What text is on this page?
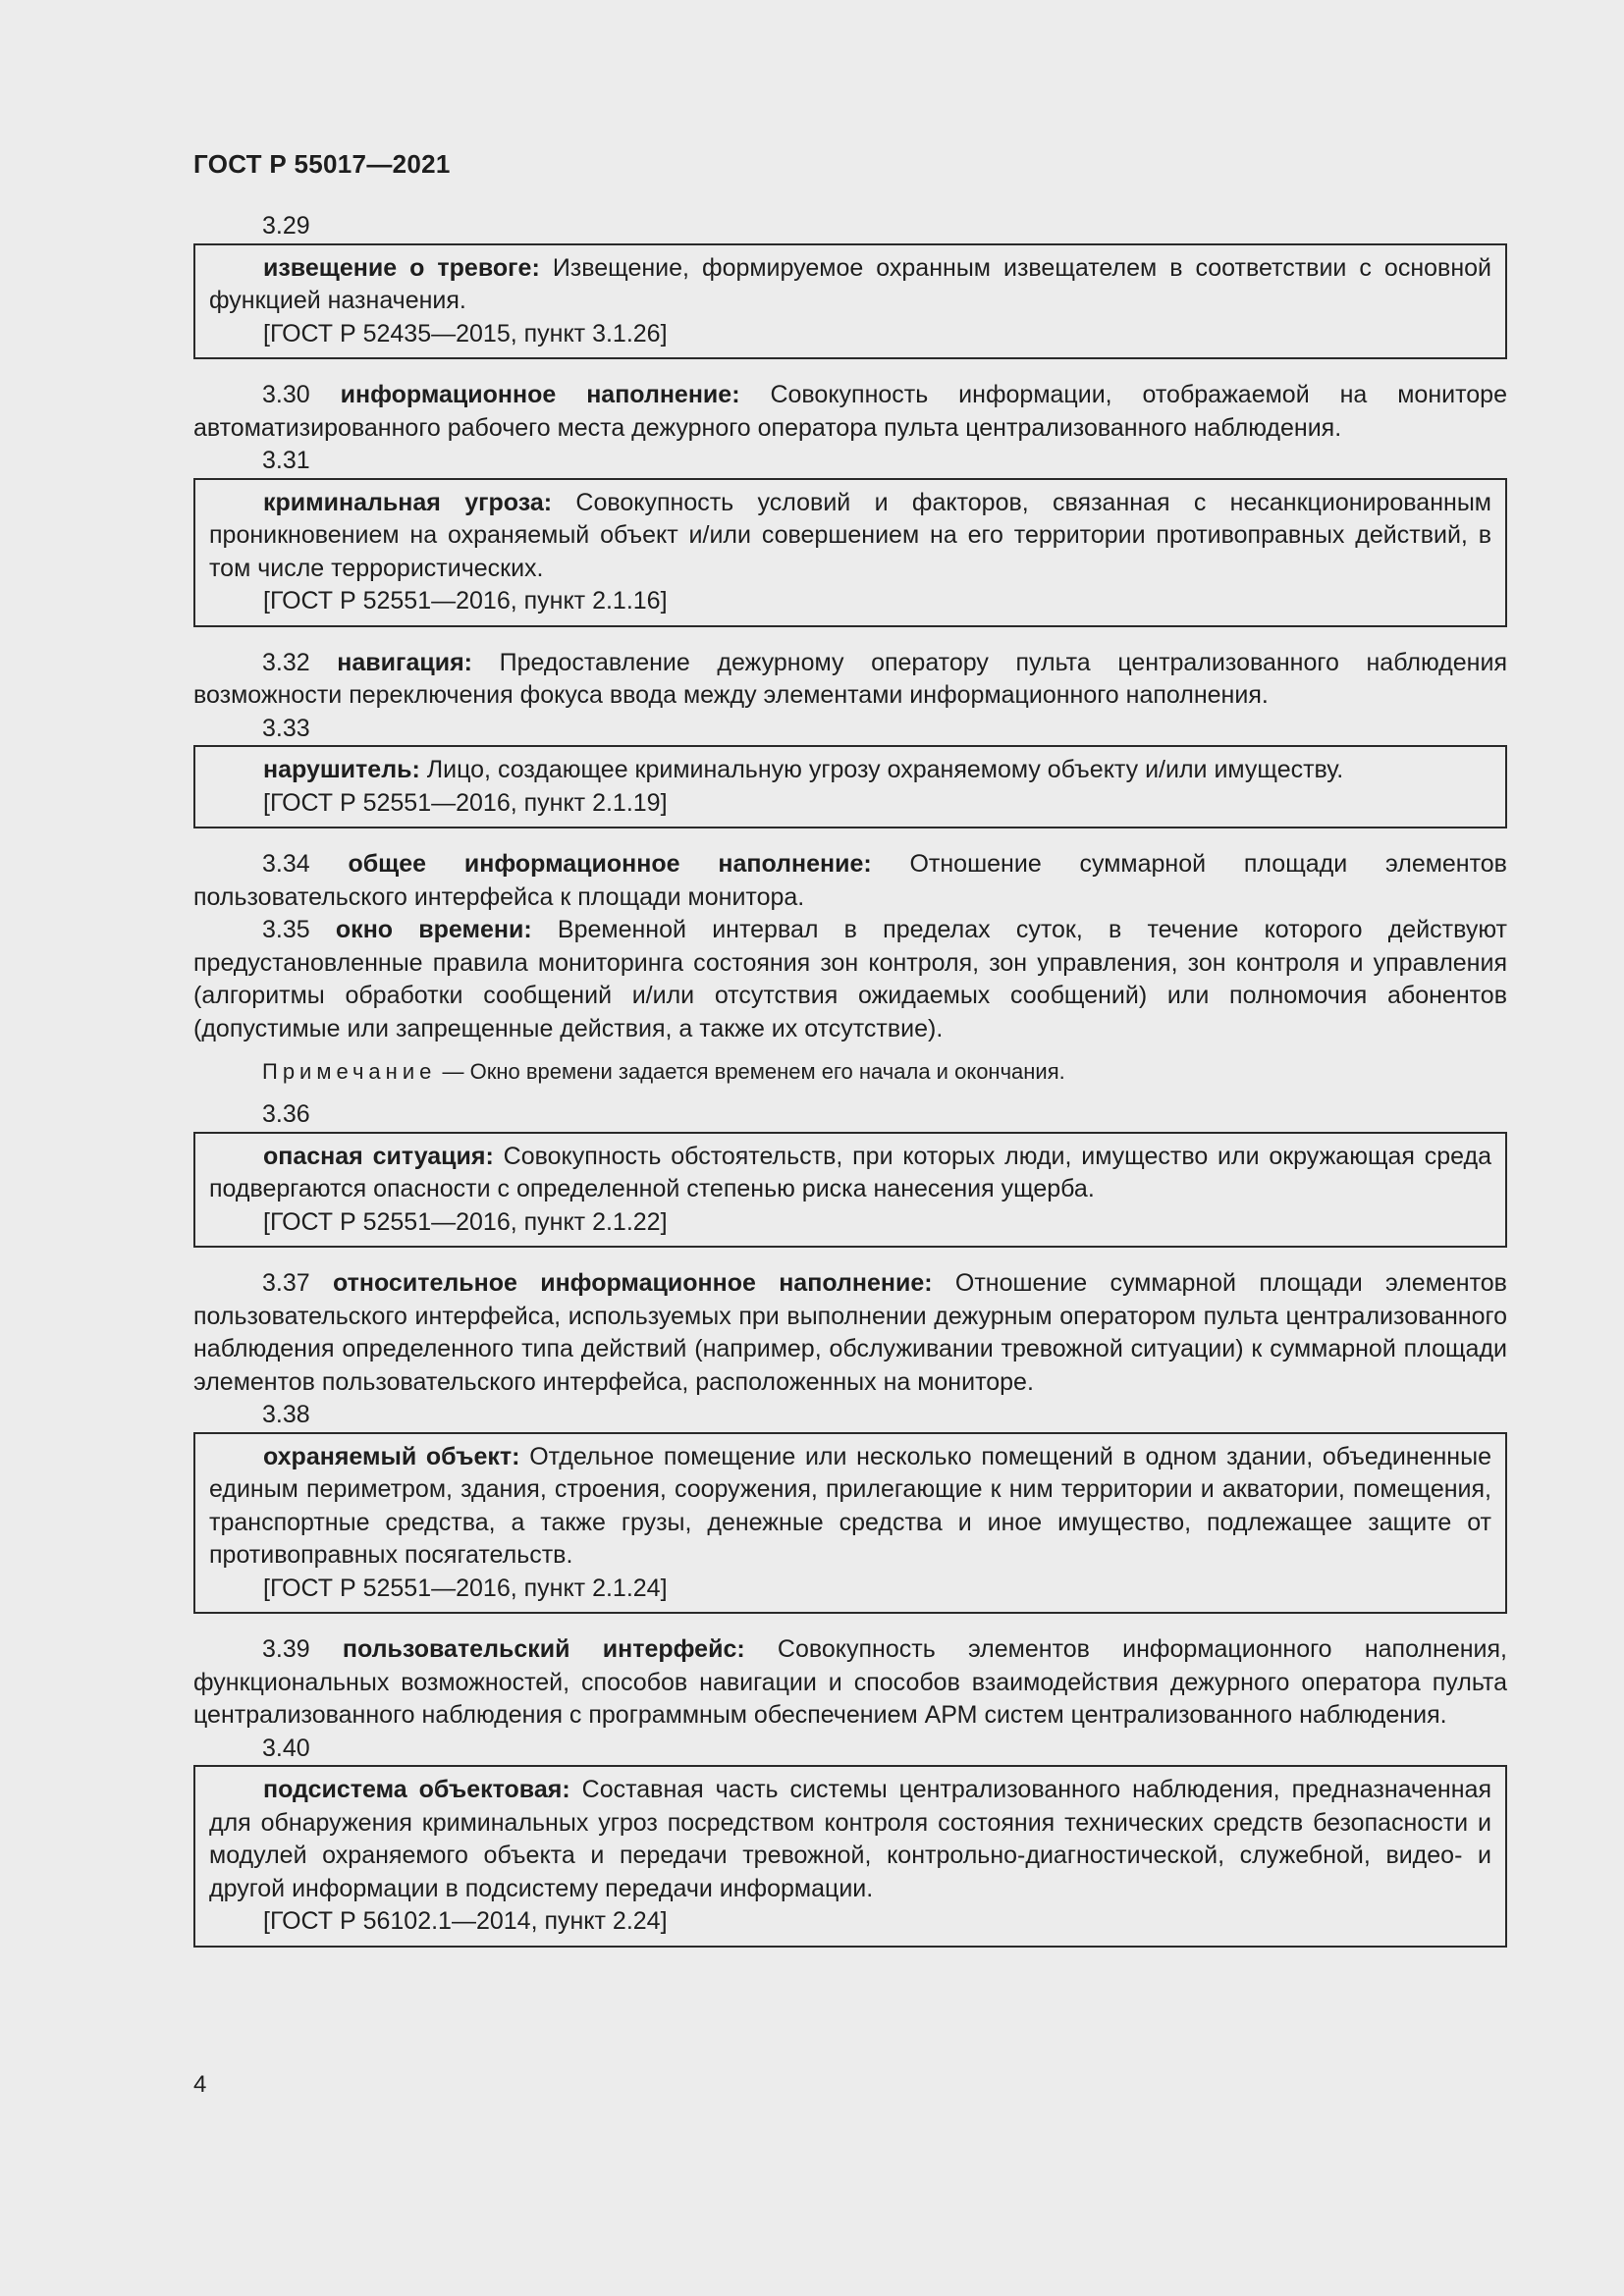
ГОСТ Р 55017—2021
3.29
извещение о тревоге: Извещение, формируемое охранным извещателем в соответствии с основной функцией назначения.
[ГОСТ Р 52435—2015, пункт 3.1.26]
3.30 информационное наполнение: Совокупность информации, отображаемой на мониторе автоматизированного рабочего места дежурного оператора пульта централизованного наблюдения.
3.31
криминальная угроза: Совокупность условий и факторов, связанная с несанкционированным проникновением на охраняемый объект и/или совершением на его территории противоправных действий, в том числе террористических.
[ГОСТ Р 52551—2016, пункт 2.1.16]
3.32 навигация: Предоставление дежурному оператору пульта централизованного наблюдения возможности переключения фокуса ввода между элементами информационного наполнения.
3.33
нарушитель: Лицо, создающее криминальную угрозу охраняемому объекту и/или имуществу.
[ГОСТ Р 52551—2016, пункт 2.1.19]
3.34 общее информационное наполнение: Отношение суммарной площади элементов пользовательского интерфейса к площади монитора.
3.35 окно времени: Временной интервал в пределах суток, в течение которого действуют предустановленные правила мониторинга состояния зон контроля, зон управления, зон контроля и управления (алгоритмы обработки сообщений и/или отсутствия ожидаемых сообщений) или полномочия абонентов (допустимые или запрещенные действия, а также их отсутствие).
Примечание — Окно времени задается временем его начала и окончания.
3.36
опасная ситуация: Совокупность обстоятельств, при которых люди, имущество или окружающая среда подвергаются опасности с определенной степенью риска нанесения ущерба.
[ГОСТ Р 52551—2016, пункт 2.1.22]
3.37 относительное информационное наполнение: Отношение суммарной площади элементов пользовательского интерфейса, используемых при выполнении дежурным оператором пульта централизованного наблюдения определенного типа действий (например, обслуживании тревожной ситуации) к суммарной площади элементов пользовательского интерфейса, расположенных на мониторе.
3.38
охраняемый объект: Отдельное помещение или несколько помещений в одном здании, объединенные единым периметром, здания, строения, сооружения, прилегающие к ним территории и акватории, помещения, транспортные средства, а также грузы, денежные средства и иное имущество, подлежащее защите от противоправных посягательств.
[ГОСТ Р 52551—2016, пункт 2.1.24]
3.39 пользовательский интерфейс: Совокупность элементов информационного наполнения, функциональных возможностей, способов навигации и способов взаимодействия дежурного оператора пульта централизованного наблюдения с программным обеспечением АРМ систем централизованного наблюдения.
3.40
подсистема объектовая: Составная часть системы централизованного наблюдения, предназначенная для обнаружения криминальных угроз посредством контроля состояния технических средств безопасности и модулей охраняемого объекта и передачи тревожной, контрольно-диагностической, служебной, видео- и другой информации в подсистему передачи информации.
[ГОСТ Р 56102.1—2014, пункт 2.24]
4
